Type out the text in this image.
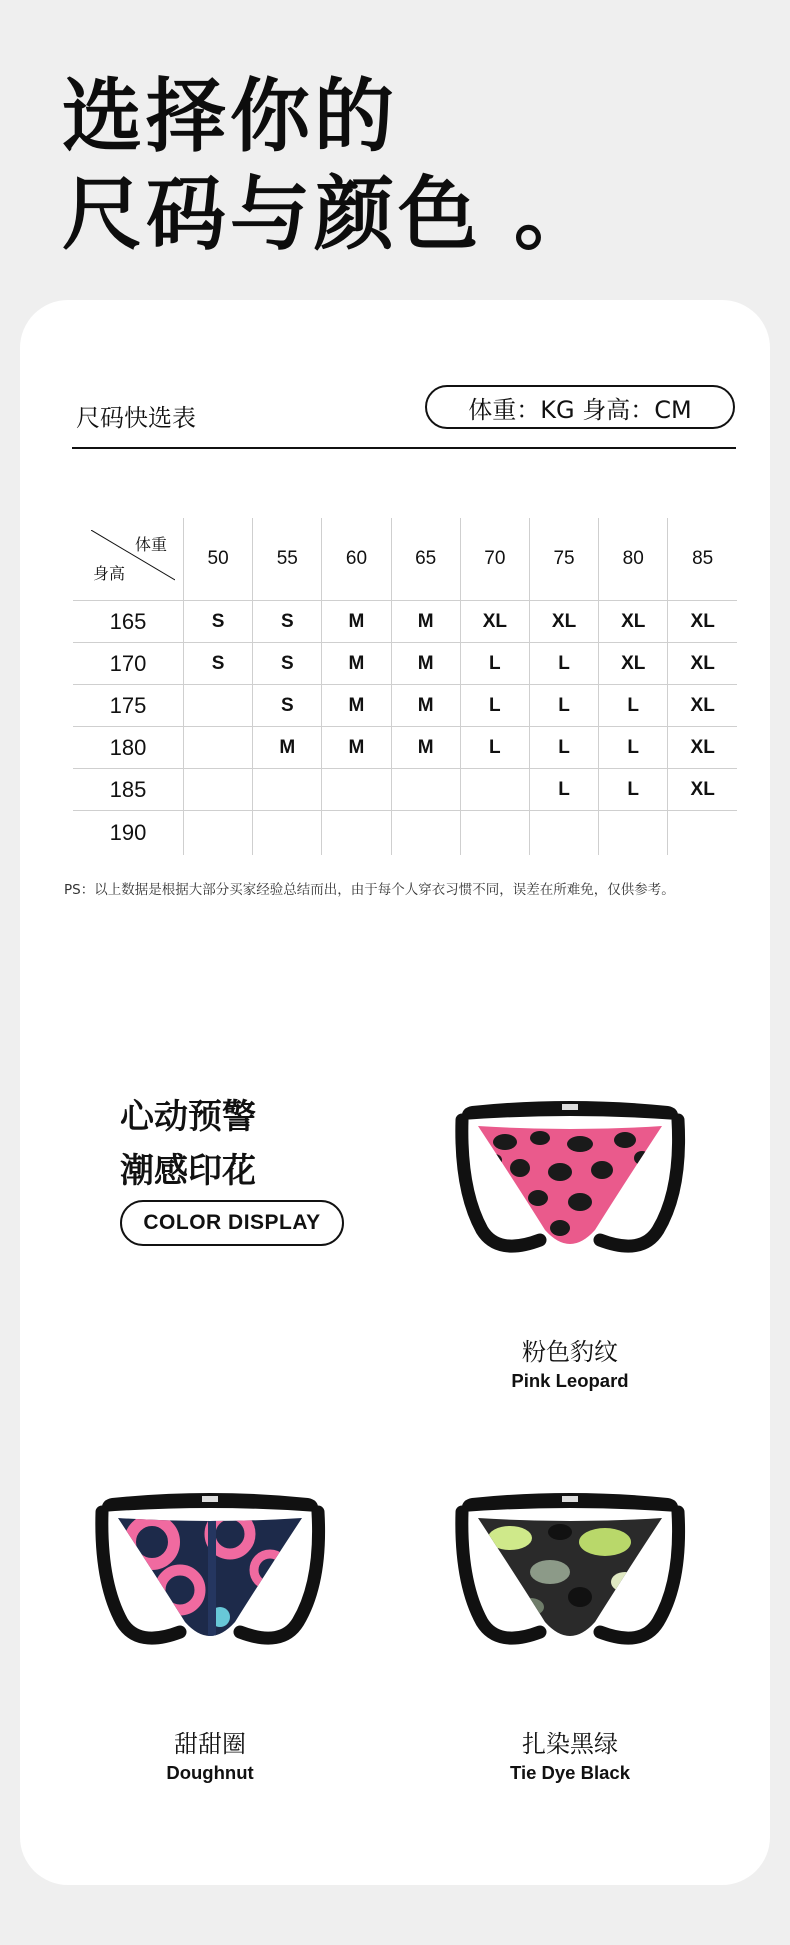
选择你的
尺码与颜色 。
尺码快选表	体重：KG 身高：CM
体重
身高	50	55	60	65	70	75	80	85
165	S	S	M	M	XL	XL	XL	XL
170	S	S	M	M	L	L	XL	XL
175		S	M	M	L	L	L	XL
180		M	M	M	L	L	L	XL
185						L	L	XL
190								
PS：以上数据是根据大部分买家经验总结而出，由于每个人穿衣习惯不同，误差在所难免，仅供参考。
心动预警
潮感印花
COLOR DISPLAY
粉色豹纹
Pink Leopard
甜甜圈
Doughnut
扎染黑绿
Tie Dye Black
